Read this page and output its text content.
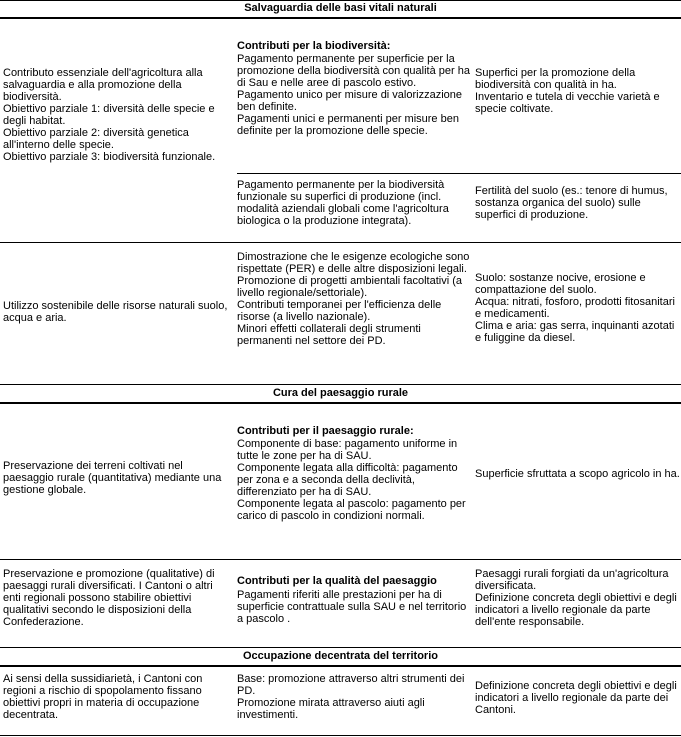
Salvaguardia delle basi vitali naturali
Contributo essenziale dell'agricoltura alla salvaguardia e alla promozione della biodiversità.
Obiettivo parziale 1: diversità delle specie e degli habitat.
Obiettivo parziale 2: diversità genetica all'interno delle specie.
Obiettivo parziale 3: biodiversità funzionale.
Contributi per la biodiversità:
Pagamento permanente per superficie per la promozione della biodiversità con qualità per ha di Sau e nelle aree di pascolo estivo.
Pagamento unico per misure di valorizzazione ben definite.
Pagamenti unici e permanenti per misure ben definite per la promozione delle specie.
Superfici per la promozione della biodiversità con qualità in ha.
Inventario e tutela di vecchie varietà e specie coltivate.
Pagamento permanente per la biodiversità funzionale su superfici di produzione (incl. modalità aziendali globali come l'agricoltura biologica o la produzione integrata).
Fertilità del suolo (es.: tenore di humus, sostanza organica del suolo) sulle superfici di produzione.
Utilizzo sostenibile delle risorse naturali suolo, acqua e aria.
Dimostrazione che le esigenze ecologiche sono rispettate (PER) e delle altre disposizioni legali.
Promozione di progetti ambientali facoltativi (a livello regionale/settoriale).
Contributi temporanei per l'efficienza delle risorse (a livello nazionale).
Minori effetti collaterali degli strumenti permanenti nel settore dei PD.
Suolo: sostanze nocive, erosione e compattazione del suolo.
Acqua: nitrati, fosforo, prodotti fitosanitari e medicamenti.
Clima e aria: gas serra, inquinanti azotati e fuliggine da diesel.
Cura del paesaggio rurale
Preservazione dei terreni coltivati nel paesaggio rurale (quantitativa) mediante una gestione globale.
Contributi per il paesaggio rurale:
Componente di base: pagamento uniforme in tutte le zone per ha di SAU.
Componente legata alla difficoltà: pagamento per zona e a seconda della declività, differenziato per ha di SAU.
Componente legata al pascolo: pagamento per carico di pascolo in condizioni normali.
Superficie sfruttata a scopo agricolo in ha.
Preservazione e promozione (qualitative) di paesaggi rurali diversificati. I Cantoni o altri enti regionali possono stabilire obiettivi qualitativi secondo le disposizioni della Confederazione.
Contributi per la qualità del paesaggio
Pagamenti riferiti alle prestazioni per ha di superficie contrattuale sulla SAU e nel territorio a pascolo .
Paesaggi rurali forgiati da un'agricoltura diversificata.
Definizione concreta degli obiettivi e degli indicatori a livello regionale da parte dell'ente responsabile.
Occupazione decentrata del territorio
Ai sensi della sussidiarietà, i Cantoni con regioni a rischio di spopolamento fissano obiettivi propri in materia di occupazione decentrata.
Base: promozione attraverso altri strumenti dei PD.
Promozione mirata attraverso aiuti agli investimenti.
Definizione concreta degli obiettivi e degli indicatori a livello regionale da parte dei Cantoni.
